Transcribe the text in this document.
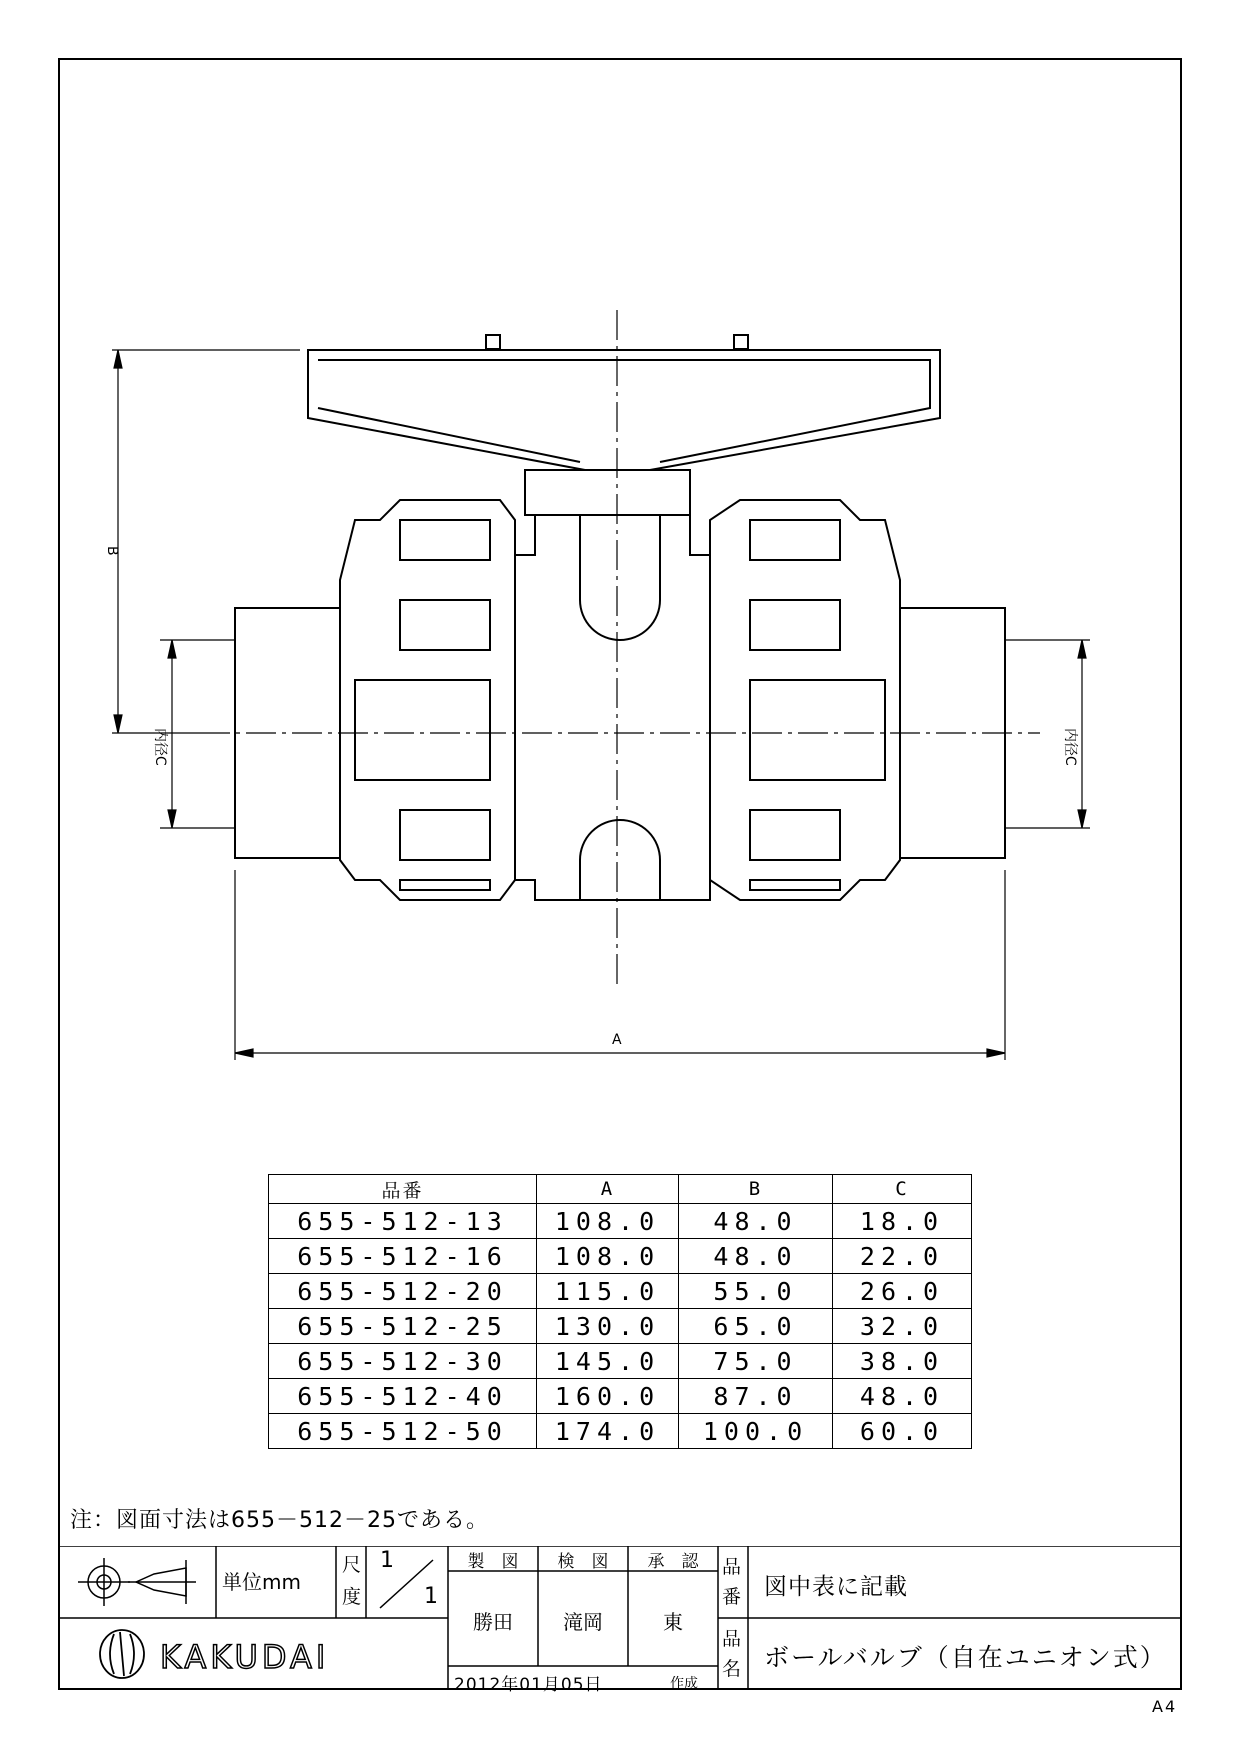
A
B
内径C	内径C
品番	A	B	C
655-512-13	108.0	48.0	18.0
655-512-16	108.0	48.0	22.0
655-512-20	115.0	55.0	26.0
655-512-25	130.0	65.0	32.0
655-512-30	145.0	75.0	38.0
655-512-40	160.0	87.0	48.0
655-512-50	174.0	100.0	60.0
注：図面寸法は655－512－25である。
単位mm
尺
度
1
1
製　図	検　図	承　認
勝田	滝岡	東
2012年01月05日	作成
品
番 図中表に記載
品
名 ボールバルブ（自在ユニオン式）
KAKUDAI
A4
